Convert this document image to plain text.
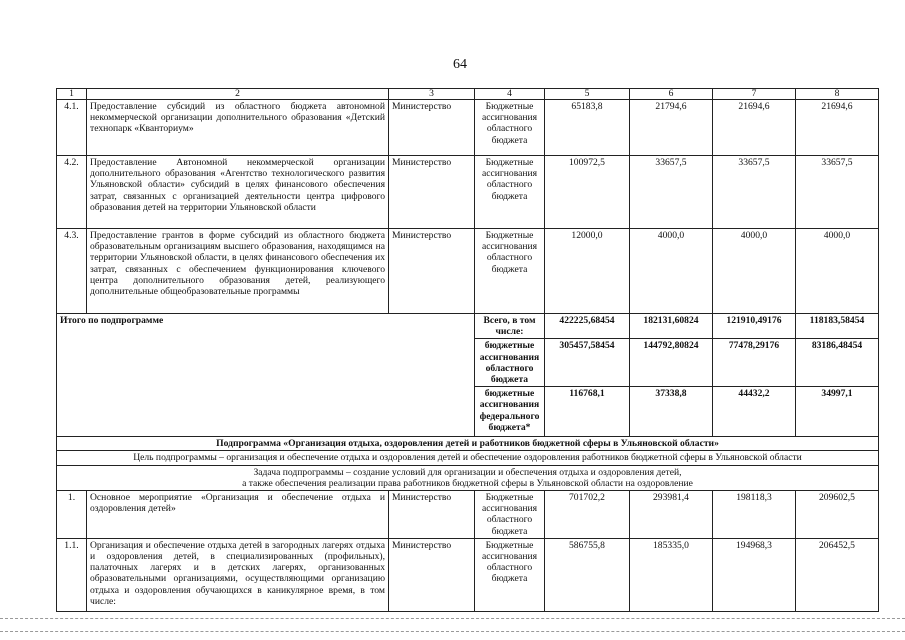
64
1	2	3	4	5	6	7	8
4.1.	Предоставление субсидий из областного бюджета автономной некоммерческой организации дополнительного образования «Детский технопарк «Кванториум»	Министерство	Бюджетные ассигнования областного бюджета	65183,8	21794,6	21694,6	21694,6
4.2.	Предоставление Автономной некоммерческой организации дополнительного образования «Агентство технологического развития Ульяновской области» субсидий в целях финансового обеспечения затрат, связанных с организацией деятельности центра цифрового образования детей на территории Ульяновской области	Министерство	Бюджетные ассигнования областного бюджета	100972,5	33657,5	33657,5	33657,5
4.3.	Предоставление грантов в форме субсидий из областного бюджета образовательным организациям высшего образования, находящимся на территории Ульяновской области, в целях финансового обеспечения их затрат, связанных с обеспечением функционирования ключевого центра дополнительного образования детей, реализующего дополнительные общеобразовательные программы	Министерство	Бюджетные ассигнования областного бюджета	12000,0	4000,0	4000,0	4000,0
Итого по подпрограмме			Всего, в том числе:	422225,68454	182131,60824	121910,49176	118183,58454
			бюджетные ассигнования областного бюджета	305457,58454	144792,80824	77478,29176	83186,48454
			бюджетные ассигнования федерального бюджета*	116768,1	37338,8	44432,2	34997,1
Подпрограмма «Организация отдыха, оздоровления детей и работников бюджетной сферы в Ульяновской области»							
Цель подпрограммы – организация и обеспечение отдыха и оздоровления детей и обеспечение оздоровления работников бюджетной сферы в Ульяновской области							

Задача подпрограммы – создание условий для организации и обеспечения отдыха и оздоровления детей,
а также обеспечения реализации права работников бюджетной сферы в Ульяновской области на оздоровление							

1.	Основное мероприятие «Организация и обеспечение отдыха и оздоровления детей»	Министерство	Бюджетные ассигнования областного бюджета	701702,2	293981,4	198118,3	209602,5
1.1.	Организация и обеспечение отдыха детей в загородных лагерях отдыха и оздоровления детей, в специализированных (профильных), палаточных лагерях и в детских лагерях, организованных образовательными организациями, осуществляющими организацию отдыха и оздоровления обучающихся в каникулярное время, в том числе:	Министерство	Бюджетные ассигнования областного бюджета	586755,8	185335,0	194968,3	206452,5
